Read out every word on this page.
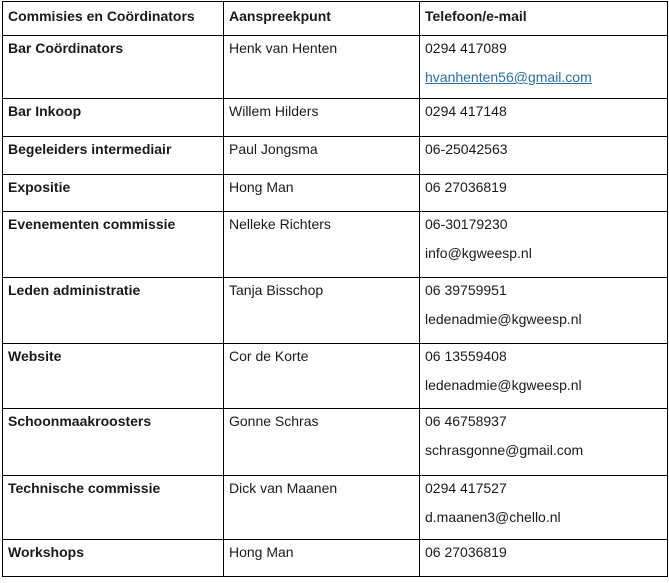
Commisies en Coördinators	Aanspreekpunt	Telefoon/e-mail

Bar Coördinators	Henk van Henten	0294 417089
hvanhenten56@gmail.com

Bar Inkoop	Willem Hilders	0294 417148

Begeleiders intermediair	Paul Jongsma	06-25042563

Expositie	Hong Man	06 27036819

Evenementen commissie	Nelleke Richters	06-30179230
info@kgweesp.nl

Leden administratie	Tanja Bisschop	06 39759951
ledenadmie@kgweesp.nl

Website	Cor de Korte	06 13559408
ledenadmie@kgweesp.nl

Schoonmaakroosters	Gonne Schras	06 46758937
schrasgonne@gmail.com

Technische commissie	Dick van Maanen	0294 417527
d.maanen3@chello.nl

Workshops	Hong Man	06 27036819
